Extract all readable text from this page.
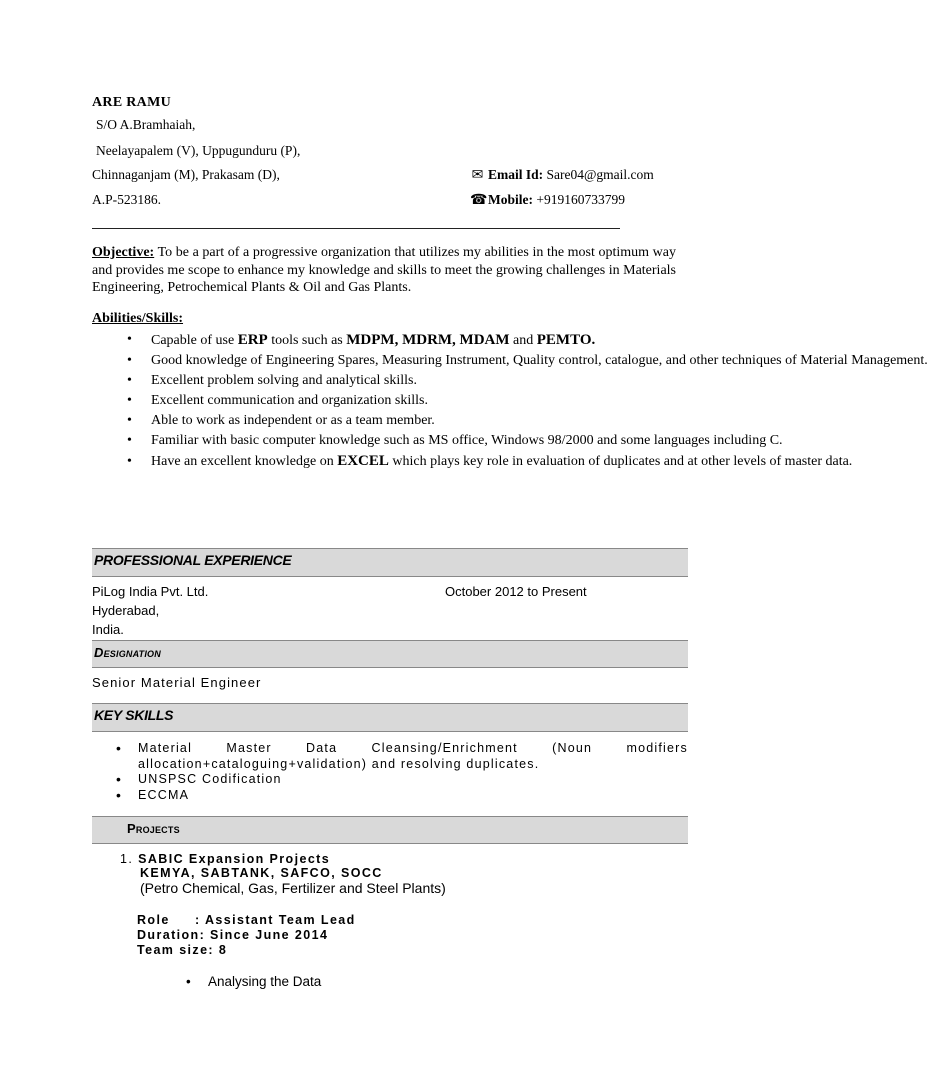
ARE RAMU
S/O A.Bramhaiah,
Neelayapalem (V), Uppugunduru (P),
Chinnaganjam (M), Prakasam (D),
A.P-523186.
✉ Email Id: Sare04@gmail.com
☎Mobile: +919160733799
Objective: To be a part of a progressive organization that utilizes my abilities in the most optimum way and provides me scope to enhance my knowledge and skills to meet the growing challenges in Materials Engineering, Petrochemical Plants & Oil and Gas Plants.
Abilities/Skills:
• Capable of use ERP tools such as MDPM, MDRM, MDAM and PEMTO.
• Good knowledge of Engineering Spares, Measuring Instrument, Quality control, catalogue, and other techniques of Material Management.
• Excellent problem solving and analytical skills.
• Excellent communication and organization skills.
• Able to work as independent or as a team member.
• Familiar with basic computer knowledge such as MS office, Windows 98/2000 and some languages including C.
• Have an excellent knowledge on EXCEL which plays key role in evaluation of duplicates and at other levels of master data.
PROFESSIONAL EXPERIENCE
PiLog India Pvt. Ltd.	October 2012 to Present
Hyderabad,
India.
Designation
Senior Material Engineer
KEY SKILLS
• Material Master Data Cleansing/Enrichment (Noun modifiers
allocation+cataloguing+validation) and resolving duplicates.
• UNSPSC Codification
• ECCMA
Projects
1. SABIC Expansion Projects
KEMYA, SABTANK, SAFCO, SOCC
(Petro Chemical, Gas, Fertilizer and Steel Plants)
Role : Assistant Team Lead
Duration: Since June 2014
Team size: 8
• Analysing the Data
